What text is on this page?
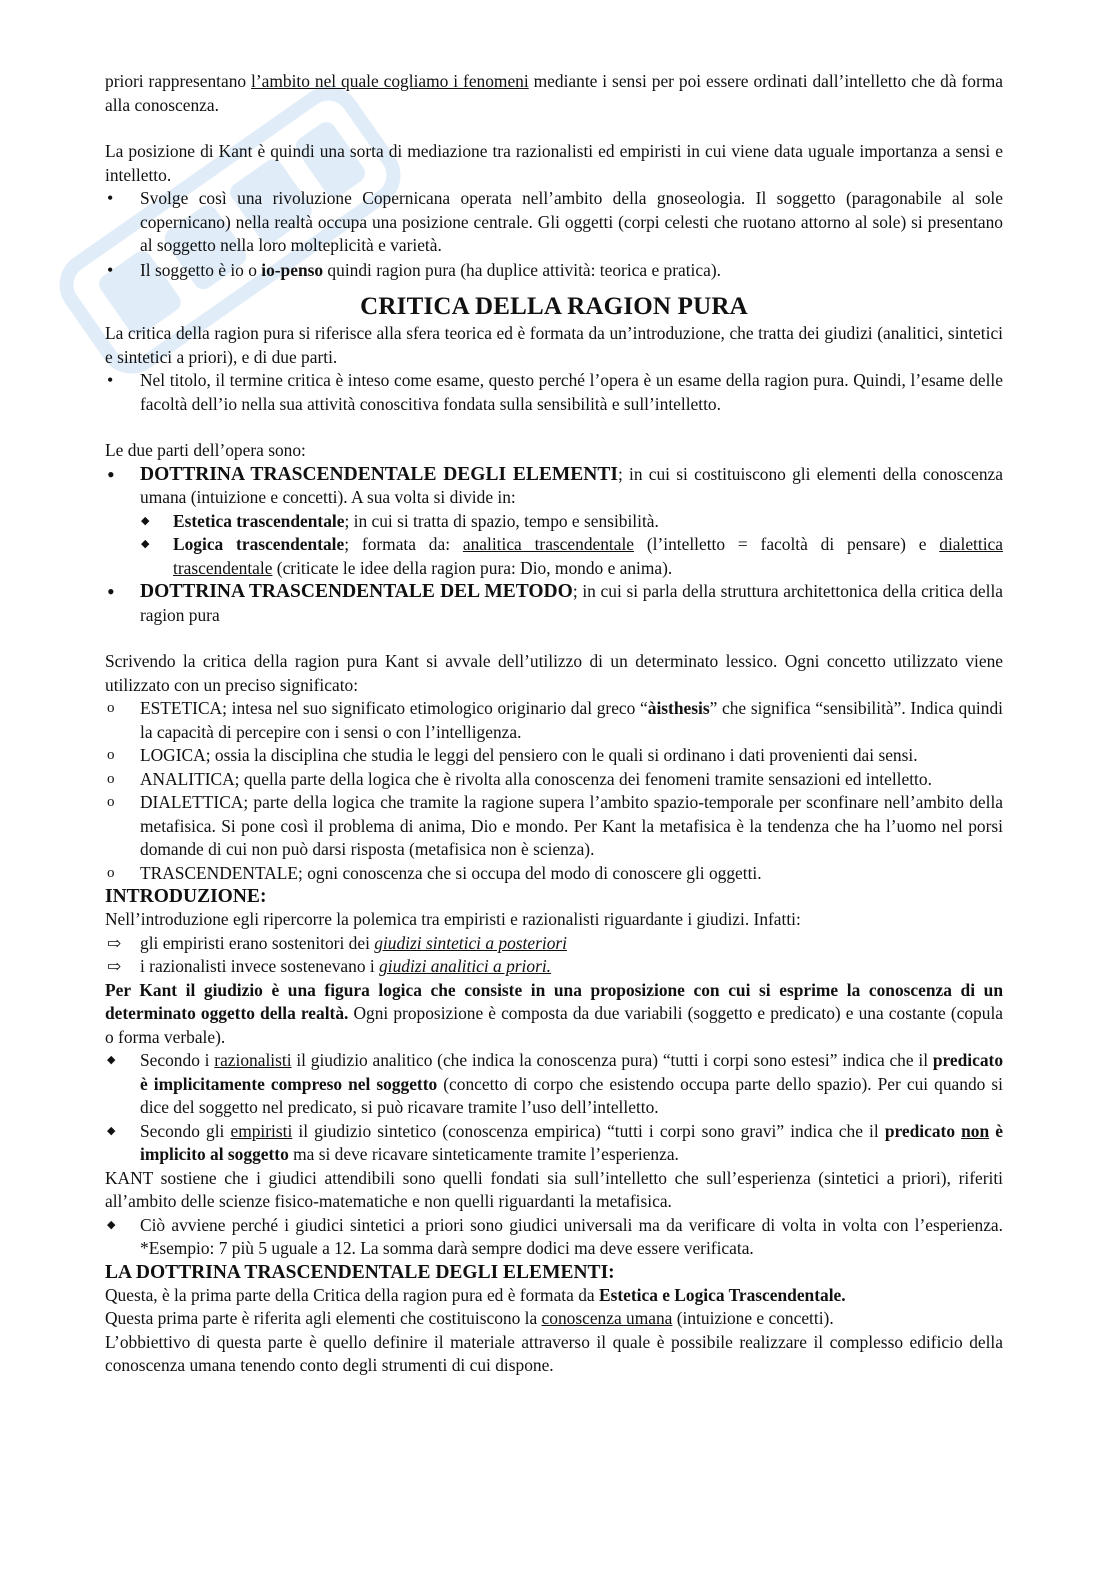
priori rappresentano l’ambito nel quale cogliamo i fenomeni mediante i sensi per poi essere ordinati dall’intelletto che dà forma alla conoscenza.

La posizione di Kant è quindi una sorta di mediazione tra razionalisti ed empiristi in cui viene data uguale importanza a sensi e intelletto.

• Svolge così una rivoluzione Copernicana operata nell’ambito della gnoseologia. Il soggetto (paragonabile al sole copernicano) nella realtà occupa una posizione centrale. Gli oggetti (corpi celesti che ruotano attorno al sole) si presentano al soggetto nella loro molteplicità e varietà.
• Il soggetto è io o io-penso quindi ragion pura (ha duplice attività: teorica e pratica).
CRITICA DELLA RAGION PURA

La critica della ragion pura si riferisce alla sfera teorica ed è formata da un’introduzione, che tratta dei giudizi (analitici, sintetici e sintetici a priori), e di due parti.

• Nel titolo, il termine critica è inteso come esame, questo perché l’opera è un esame della ragion pura. Quindi, l’esame delle facoltà dell’io nella sua attività conoscitiva fondata sulla sensibilità e sull’intelletto.

Le due parti dell’opera sono:

• DOTTRINA TRASCENDENTALE DEGLI ELEMENTI; in cui si costituiscono gli elementi della conoscenza umana (intuizione e concetti). A sua volta si divide in:
◆ Estetica trascendentale; in cui si tratta di spazio, tempo e sensibilità.
◆ Logica trascendentale; formata da: analitica trascendentale (l’intelletto = facoltà di pensare) e dialettica trascendentale (criticate le idee della ragion pura: Dio, mondo e anima).
• DOTTRINA TRASCENDENTALE DEL METODO; in cui si parla della struttura architettonica della critica della ragion pura

Scrivendo la critica della ragion pura Kant si avvale dell’utilizzo di un determinato lessico. Ogni concetto utilizzato viene utilizzato con un preciso significato:

o ESTETICA; intesa nel suo significato etimologico originario dal greco “àisthesis” che significa “sensibilità”. Indica quindi la capacità di percepire con i sensi o con l’intelligenza.
o LOGICA; ossia la disciplina che studia le leggi del pensiero con le quali si ordinano i dati provenienti dai sensi.
o ANALITICA; quella parte della logica che è rivolta alla conoscenza dei fenomeni tramite sensazioni ed intelletto.
o DIALETTICA; parte della logica che tramite la ragione supera l’ambito spazio-temporale per sconfinare nell’ambito della metafisica. Si pone così il problema di anima, Dio e mondo. Per Kant la metafisica è la tendenza che ha l’uomo nel porsi domande di cui non può darsi risposta (metafisica non è scienza).
o TRASCENDENTALE; ogni conoscenza che si occupa del modo di conoscere gli oggetti.
INTRODUZIONE:

Nell’introduzione egli ripercorre la polemica tra empiristi e razionalisti riguardante i giudizi. Infatti:

⇨ gli empiristi erano sostenitori dei giudizi sintetici a posteriori
⇨ i razionalisti invece sostenevano i giudizi analitici a priori.

Per Kant il giudizio è una figura logica che consiste in una proposizione con cui si esprime la conoscenza di un determinato oggetto della realtà. Ogni proposizione è composta da due variabili (soggetto e predicato) e una costante (copula o forma verbale).

◆ Secondo i razionalisti il giudizio analitico (che indica la conoscenza pura) “tutti i corpi sono estesi” indica che il predicato è implicitamente compreso nel soggetto (concetto di corpo che esistendo occupa parte dello spazio). Per cui quando si dice del soggetto nel predicato, si può ricavare tramite l’uso dell’intelletto.
◆ Secondo gli empiristi il giudizio sintetico (conoscenza empirica) “tutti i corpi sono gravi” indica che il predicato non è implicito al soggetto ma si deve ricavare sinteticamente tramite l’esperienza.

KANT sostiene che i giudici attendibili sono quelli fondati sia sull’intelletto che sull’esperienza (sintetici a priori), riferiti all’ambito delle scienze fisico-matematiche e non quelli riguardanti la metafisica.

◆ Ciò avviene perché i giudici sintetici a priori sono giudici universali ma da verificare di volta in volta con l’esperienza. *Esempio: 7 più 5 uguale a 12. La somma darà sempre dodici ma deve essere verificata.
LA DOTTRINA TRASCENDENTALE DEGLI ELEMENTI:

Questa, è la prima parte della Critica della ragion pura ed è formata da Estetica e Logica Trascendentale.

Questa prima parte è riferita agli elementi che costituiscono la conoscenza umana (intuizione e concetti).

L’obbiettivo di questa parte è quello definire il materiale attraverso il quale è possibile realizzare il complesso edificio della conoscenza umana tenendo conto degli strumenti di cui dispone.
